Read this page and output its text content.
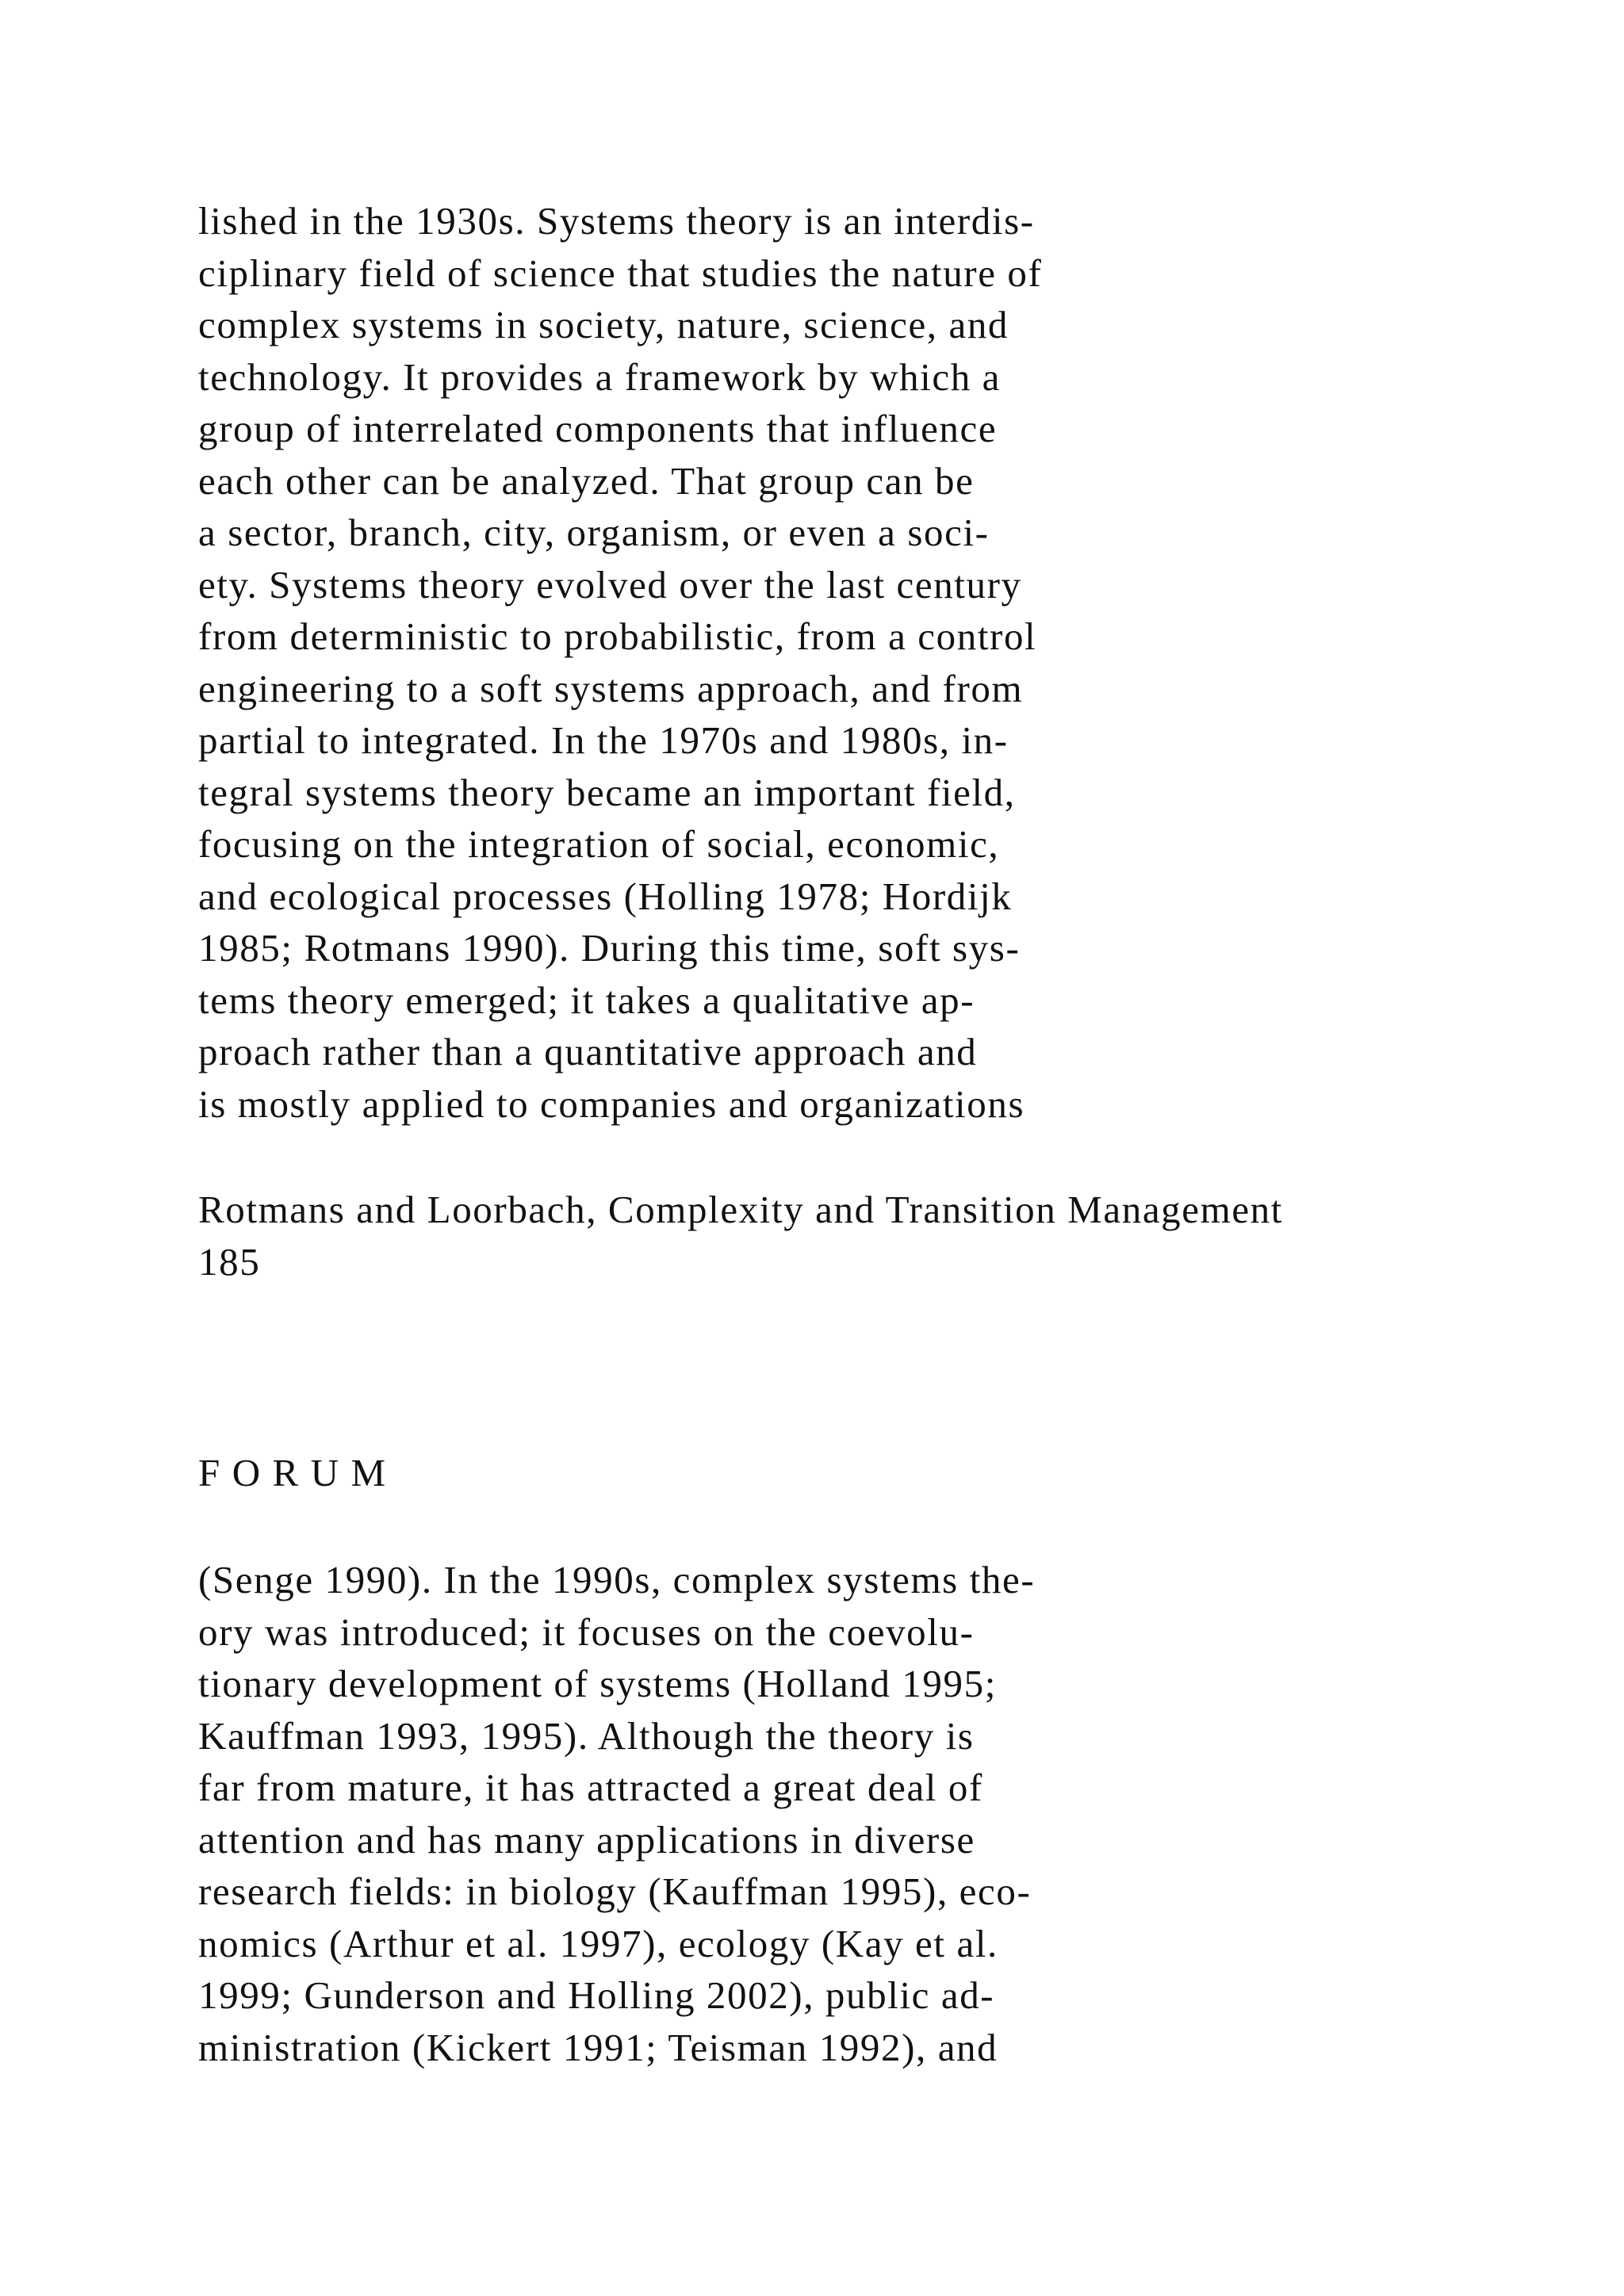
lished in the 1930s. Systems theory is an interdis-
ciplinary field of science that studies the nature of
complex systems in society, nature, science, and
technology. It provides a framework by which a
group of interrelated components that influence
each other can be analyzed. That group can be
a sector, branch, city, organism, or even a soci-
ety. Systems theory evolved over the last century
from deterministic to probabilistic, from a control
engineering to a soft systems approach, and from
partial to integrated. In the 1970s and 1980s, in-
tegral systems theory became an important field,
focusing on the integration of social, economic,
and ecological processes (Holling 1978; Hordijk
1985; Rotmans 1990). During this time, soft sys-
tems theory emerged; it takes a qualitative ap-
proach rather than a quantitative approach and
is mostly applied to companies and organizations
Rotmans and Loorbach, Complexity and Transition Management
185
F O R U M
(Senge 1990). In the 1990s, complex systems the-
ory was introduced; it focuses on the coevolu-
tionary development of systems (Holland 1995;
Kauffman 1993, 1995). Although the theory is
far from mature, it has attracted a great deal of
attention and has many applications in diverse
research fields: in biology (Kauffman 1995), eco-
nomics (Arthur et al. 1997), ecology (Kay et al.
1999; Gunderson and Holling 2002), public ad-
ministration (Kickert 1991; Teisman 1992), and
